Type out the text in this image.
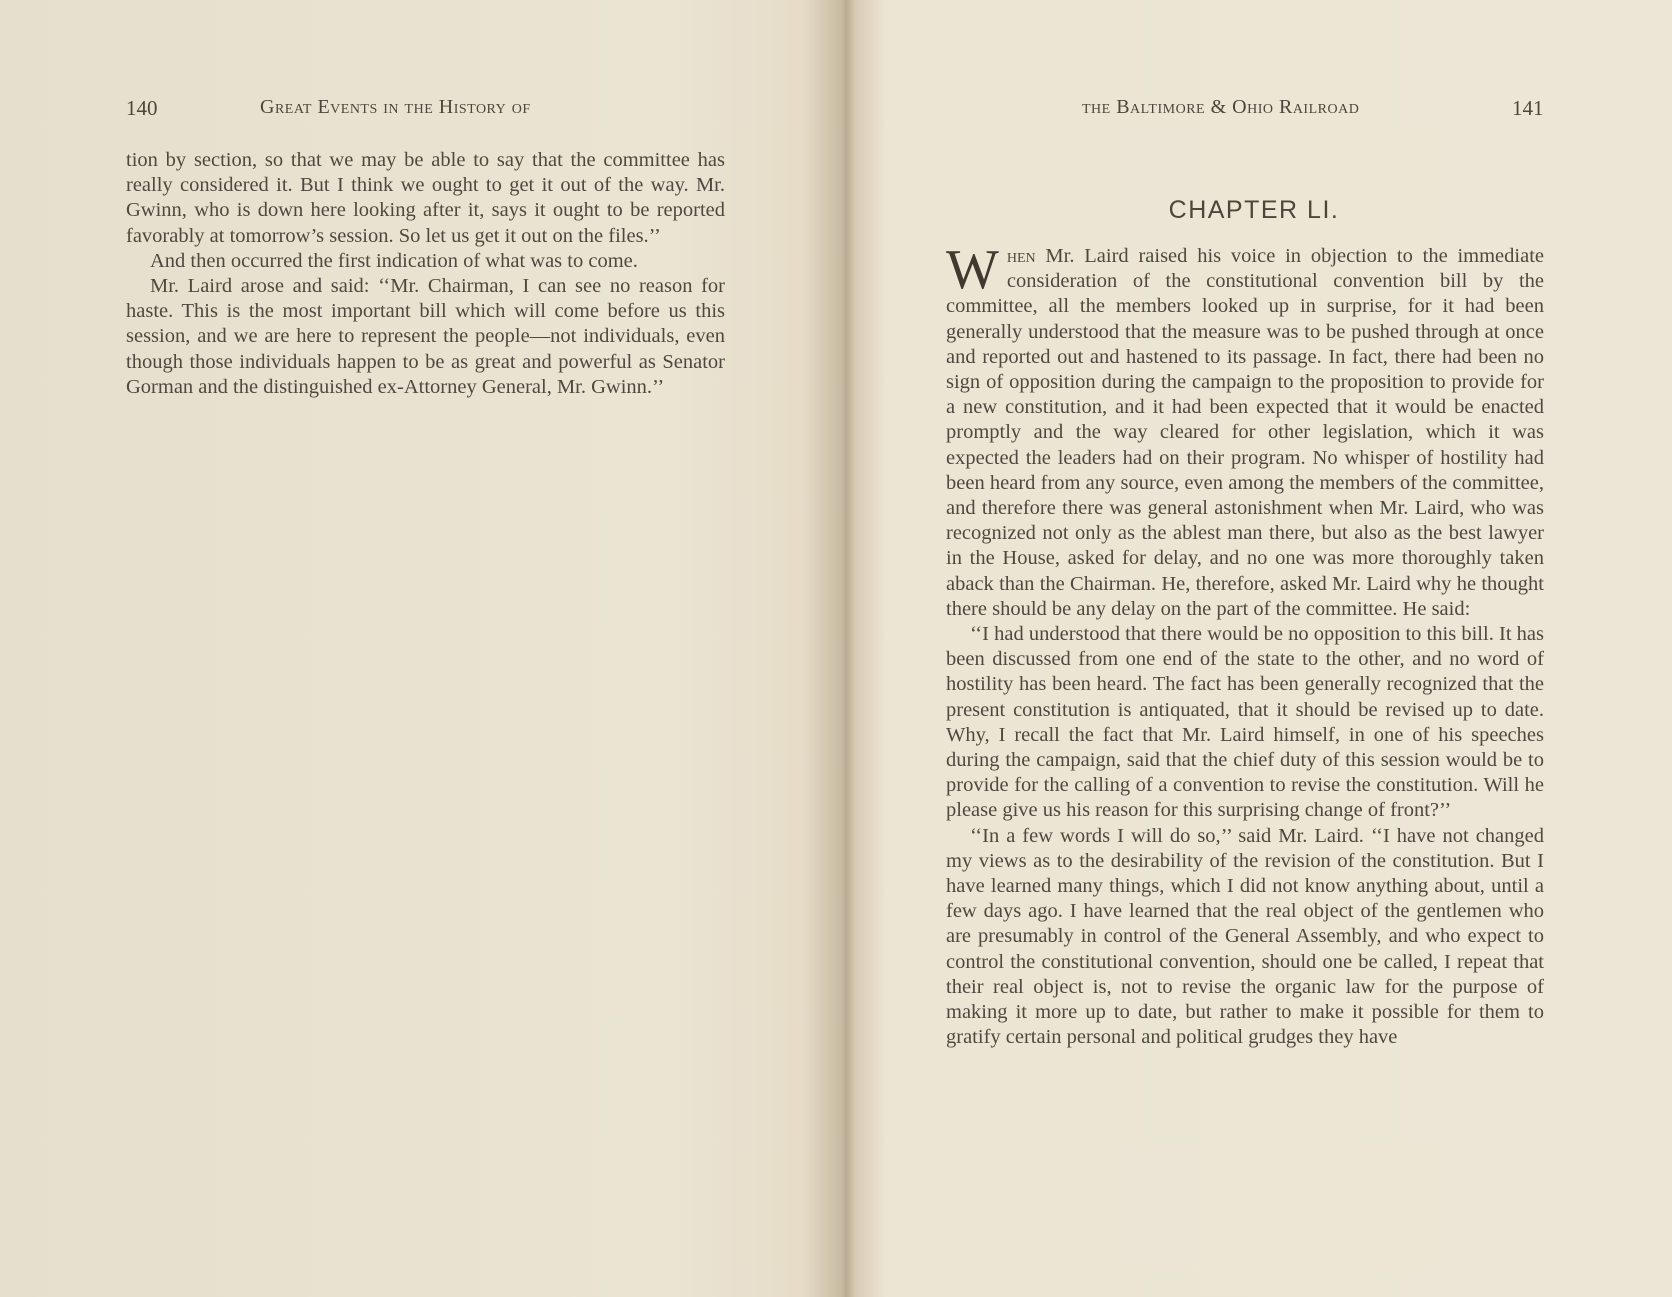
140	Great Events in the History of

tion by section, so that we may be able to say that the committee has really considered it. But I think we ought to get it out of the way. Mr. Gwinn, who is down here looking after it, says it ought to be reported favorably at tomorrow’s session. So let us get it out on the files.’’

And then occurred the first indication of what was to come.

Mr. Laird arose and said: ‘‘Mr. Chairman, I can see no reason for haste. This is the most important bill which will come before us this session, and we are here to represent the people—not individuals, even though those individuals happen to be as great and powerful as Senator Gorman and the distinguished ex-Attorney General, Mr. Gwinn.’’

the Baltimore & Ohio Railroad	141
CHAPTER LI.

When Mr. Laird raised his voice in objection to the immediate consideration of the constitutional convention bill by the committee, all the members looked up in surprise, for it had been generally understood that the measure was to be pushed through at once and reported out and hastened to its passage. In fact, there had been no sign of opposition during the campaign to the proposition to provide for a new constitution, and it had been expected that it would be enacted promptly and the way cleared for other legislation, which it was expected the leaders had on their program. No whisper of hostility had been heard from any source, even among the members of the committee, and therefore there was general astonishment when Mr. Laird, who was recognized not only as the ablest man there, but also as the best lawyer in the House, asked for delay, and no one was more thoroughly taken aback than the Chairman. He, therefore, asked Mr. Laird why he thought there should be any delay on the part of the committee. He said:

‘‘I had understood that there would be no opposition to this bill. It has been discussed from one end of the state to the other, and no word of hostility has been heard. The fact has been generally recognized that the present constitution is antiquated, that it should be revised up to date. Why, I recall the fact that Mr. Laird himself, in one of his speeches during the campaign, said that the chief duty of this session would be to provide for the calling of a convention to revise the constitution. Will he please give us his reason for this surprising change of front?’’

‘‘In a few words I will do so,’’ said Mr. Laird. ‘‘I have not changed my views as to the desirability of the revision of the constitution. But I have learned many things, which I did not know anything about, until a few days ago. I have learned that the real object of the gentlemen who are presumably in control of the General Assembly, and who expect to control the constitutional convention, should one be called, I repeat that their real object is, not to revise the organic law for the purpose of making it more up to date, but rather to make it possible for them to gratify certain personal and political grudges they have
